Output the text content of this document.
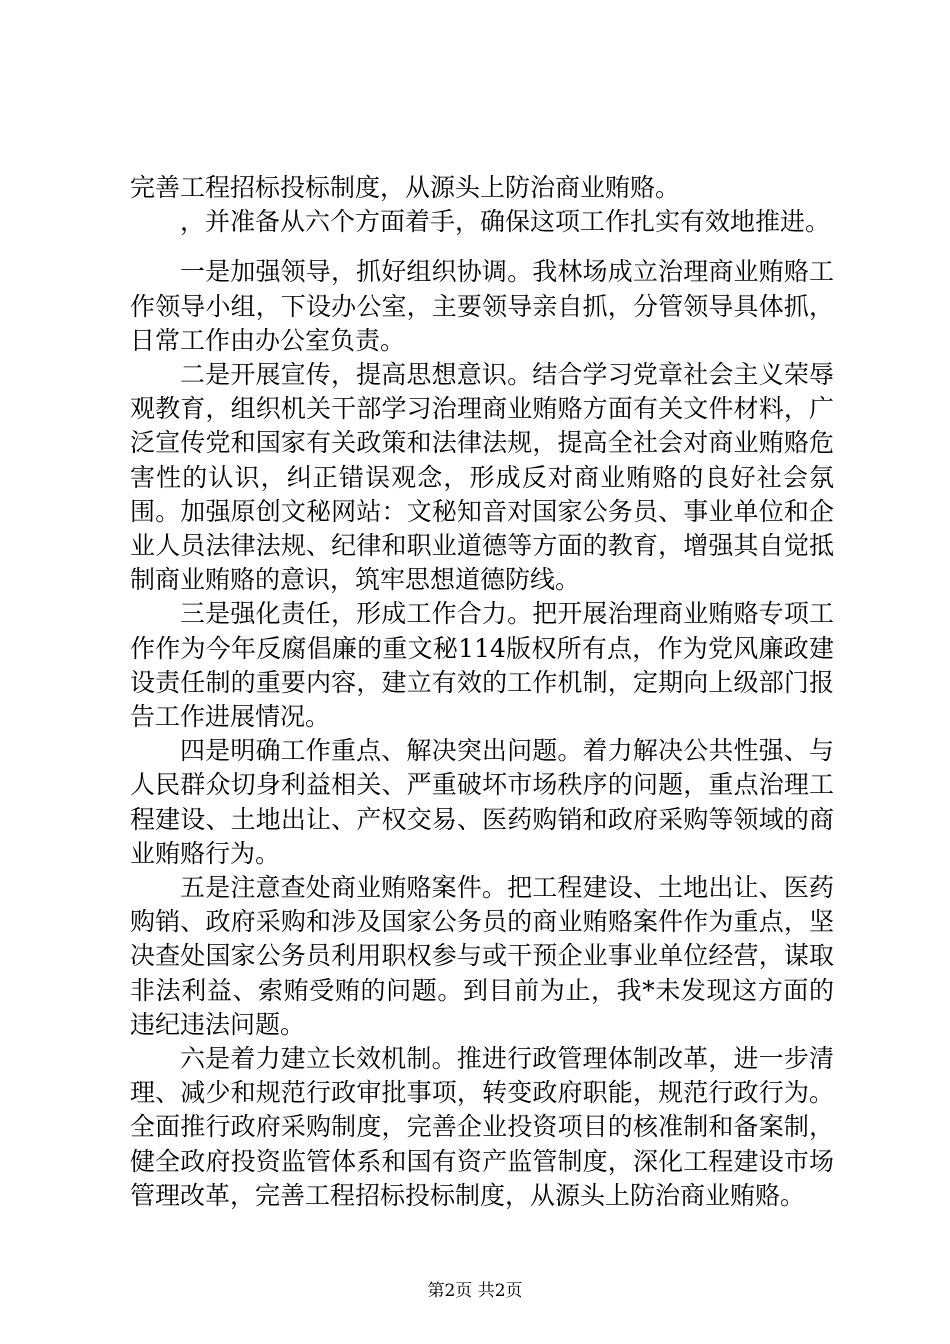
完善工程招标投标制度，从源头上防治商业贿赂。

，并准备从六个方面着手，确保这项工作扎实有效地推进。

一是加强领导，抓好组织协调。我林场成立治理商业贿赂工作领导小组，下设办公室，主要领导亲自抓，分管领导具体抓，日常工作由办公室负责。

二是开展宣传，提高思想意识。结合学习党章社会主义荣辱观教育，组织机关干部学习治理商业贿赂方面有关文件材料，广泛宣传党和国家有关政策和法律法规，提高全社会对商业贿赂危害性的认识，纠正错误观念，形成反对商业贿赂的良好社会氛围。加强原创文秘网站：文秘知音对国家公务员、事业单位和企业人员法律法规、纪律和职业道德等方面的教育，增强其自觉抵制商业贿赂的意识，筑牢思想道德防线。

三是强化责任，形成工作合力。把开展治理商业贿赂专项工作作为今年反腐倡廉的重文秘114版权所有点，作为党风廉政建设责任制的重要内容，建立有效的工作机制，定期向上级部门报告工作进展情况。

四是明确工作重点、解决突出问题。着力解决公共性强、与人民群众切身利益相关、严重破坏市场秩序的问题，重点治理工程建设、土地出让、产权交易、医药购销和政府采购等领域的商业贿赂行为。

五是注意查处商业贿赂案件。把工程建设、土地出让、医药购销、政府采购和涉及国家公务员的商业贿赂案件作为重点，坚决查处国家公务员利用职权参与或干预企业事业单位经营，谋取非法利益、索贿受贿的问题。到目前为止，我*未发现这方面的违纪违法问题。

六是着力建立长效机制。推进行政管理体制改革，进一步清理、减少和规范行政审批事项，转变政府职能，规范行政行为。全面推行政府采购制度，完善企业投资项目的核准制和备案制，健全政府投资监管体系和国有资产监管制度，深化工程建设市场管理改革，完善工程招标投标制度，从源头上防治商业贿赂。

第2页 共2页
